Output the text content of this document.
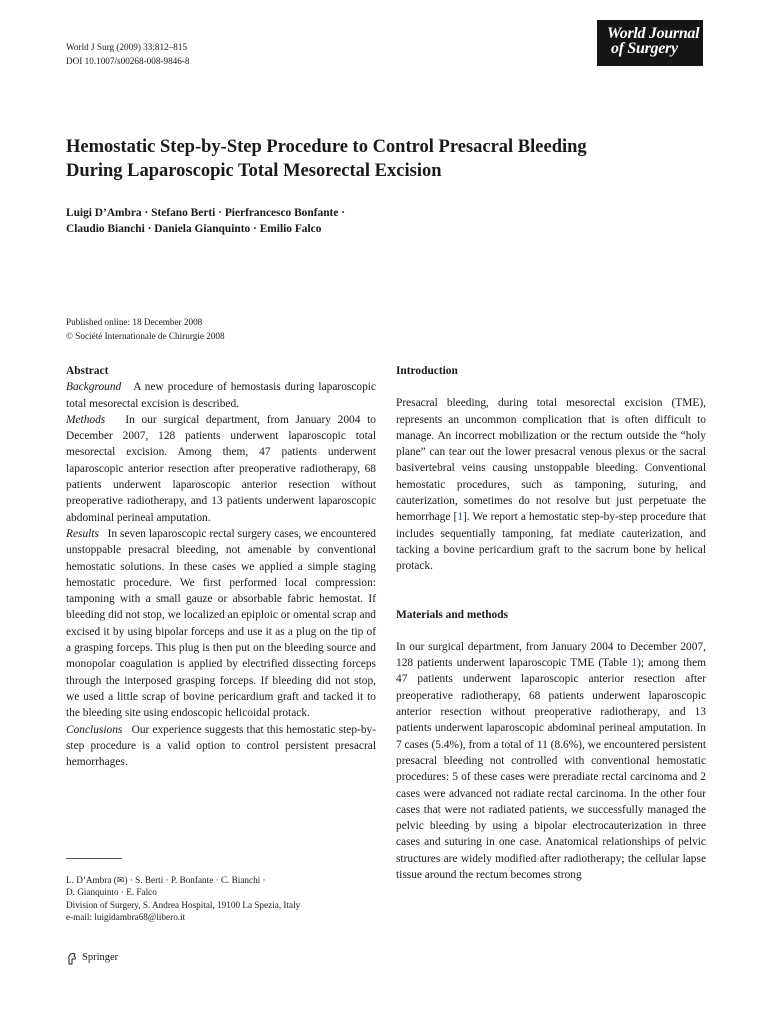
World J Surg (2009) 33:812–815
DOI 10.1007/s00268-008-9846-8
World Journal
of Surgery
Hemostatic Step-by-Step Procedure to Control Presacral Bleeding
During Laparoscopic Total Mesorectal Excision
Luigi D’Ambra · Stefano Berti · Pierfrancesco Bonfante ·
Claudio Bianchi · Daniela Gianquinto · Emilio Falco
Published online: 18 December 2008
© Société Internationale de Chirurgie 2008

Abstract

Background A new procedure of hemostasis during laparoscopic total mesorectal excision is described.

Methods In our surgical department, from January 2004 to December 2007, 128 patients underwent laparoscopic total mesorectal excision. Among them, 47 patients underwent laparoscopic anterior resection after preoperative radiotherapy, 68 patients underwent laparoscopic anterior resection without preoperative radiotherapy, and 13 patients underwent laparoscopic abdominal perineal amputation.

Results In seven laparoscopic rectal surgery cases, we encountered unstoppable presacral bleeding, not amenable by conventional hemostatic solutions. In these cases we applied a simple staging hemostatic procedure. We first performed local compression: tamponing with a small gauze or absorbable fabric hemostat. If bleeding did not stop, we localized an epiploic or omental scrap and excised it by using bipolar forceps and use it as a plug on the tip of a grasping forceps. This plug is then put on the bleeding source and monopolar coagulation is applied by electrified dissecting forceps through the interposed grasping forceps. If bleeding did not stop, we used a little scrap of bovine pericardium graft and tacked it to the bleeding site using endoscopic helicoidal protack.

Conclusions Our experience suggests that this hemostatic step-by-step procedure is a valid option to control persistent presacral hemorrhages.

L. D’Ambra (✉) · S. Berti · P. Bonfante · C. Bianchi ·
D. Gianquinto · E. Falco
Division of Surgery, S. Andrea Hospital, 19100 La Spezia, Italy
e-mail: luigidambra68@libero.it
Springer

Introduction

Presacral bleeding, during total mesorectal excision (TME), represents an uncommon complication that is often difficult to manage. An incorrect mobilization or the rectum outside the “holy plane” can tear out the lower presacral venous plexus or the sacral basivertebral veins causing unstoppable bleeding. Conventional hemostatic procedures, such as tamponing, suturing, and cauterization, sometimes do not resolve but just perpetuate the hemorrhage [1]. We report a hemostatic step-by-step procedure that includes sequentially tamponing, fat mediate cauterization, and tacking a bovine pericardium graft to the sacrum bone by helical protack.

Materials and methods

In our surgical department, from January 2004 to December 2007, 128 patients underwent laparoscopic TME (Table 1); among them 47 patients underwent laparoscopic anterior resection after preoperative radiotherapy, 68 patients underwent laparoscopic anterior resection without preoperative radiotherapy, and 13 patients underwent laparoscopic abdominal perineal amputation. In 7 cases (5.4%), from a total of 11 (8.6%), we encountered persistent presacral bleeding not controlled with conventional hemostatic procedures: 5 of these cases were preradiate rectal carcinoma and 2 cases were advanced not radiate rectal carcinoma. In the other four cases that were not radiated patients, we successfully managed the pelvic bleeding by using a bipolar electrocauterization in three cases and suturing in one case. Anatomical relationships of pelvic structures are widely modified after radiotherapy; the cellular lapse tissue around the rectum becomes strong
